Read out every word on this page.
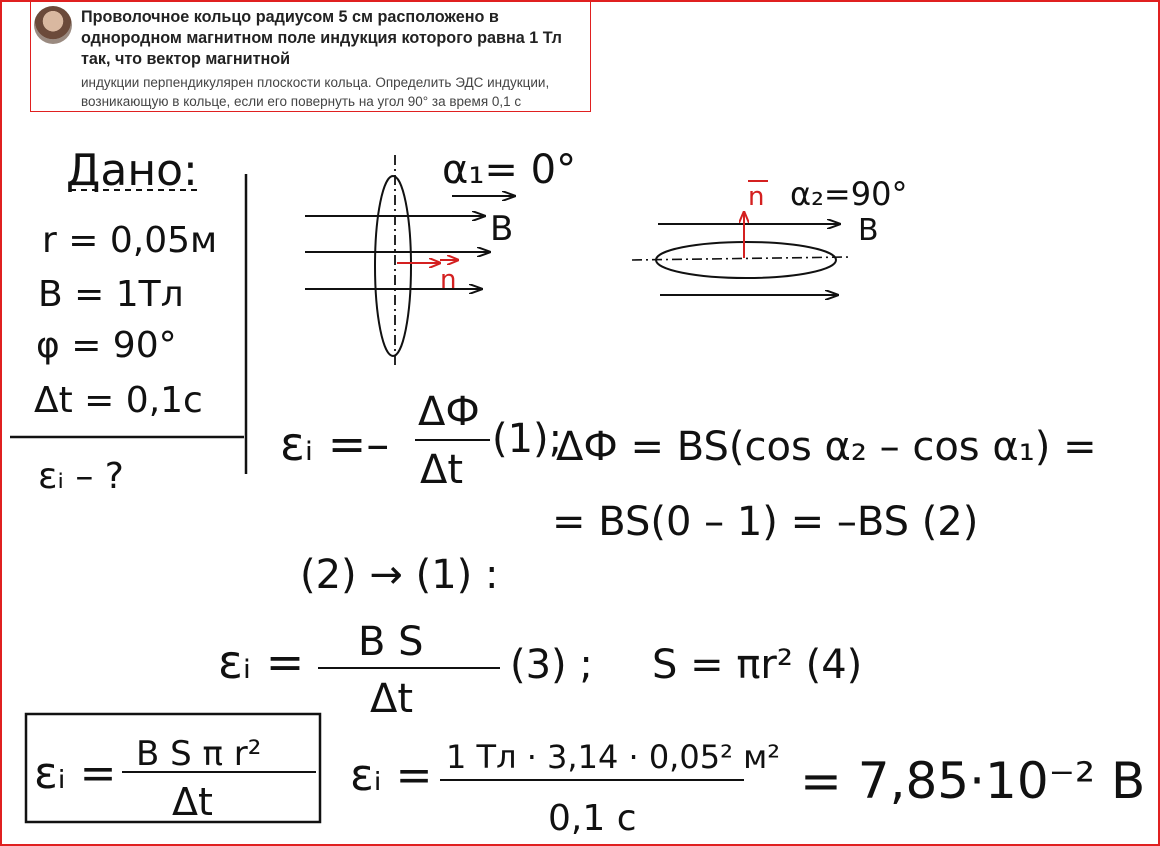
Проволочное кольцо радиусом 5 см расположено в однородном магнитном поле индукция которого равна 1 Тл так, что вектор магнитной
индукции перпендикулярен плоскости кольца. Определить ЭДС индукции, возникающую в кольце, если его повернуть на угол 90° за время 0,1 с
Дано:
r = 0,05м
B = 1Тл
φ = 90°
Δt = 0,1с
εᵢ – ?
α₁= 0°
B
n
n α₂=90°
B
εᵢ =–
ΔФ
Δt
(1);
ΔФ = BS(cos α₂ – cos α₁) =
= BS(0 – 1) = –BS (2)
(2) → (1) :
εᵢ = B S
Δt
(3) ; S = πr² (4)
εᵢ = B S π r²
Δt
εᵢ = 1 Тл · 3,14 · 0,05² м²
0,1 с
= 7,85·10⁻² В
